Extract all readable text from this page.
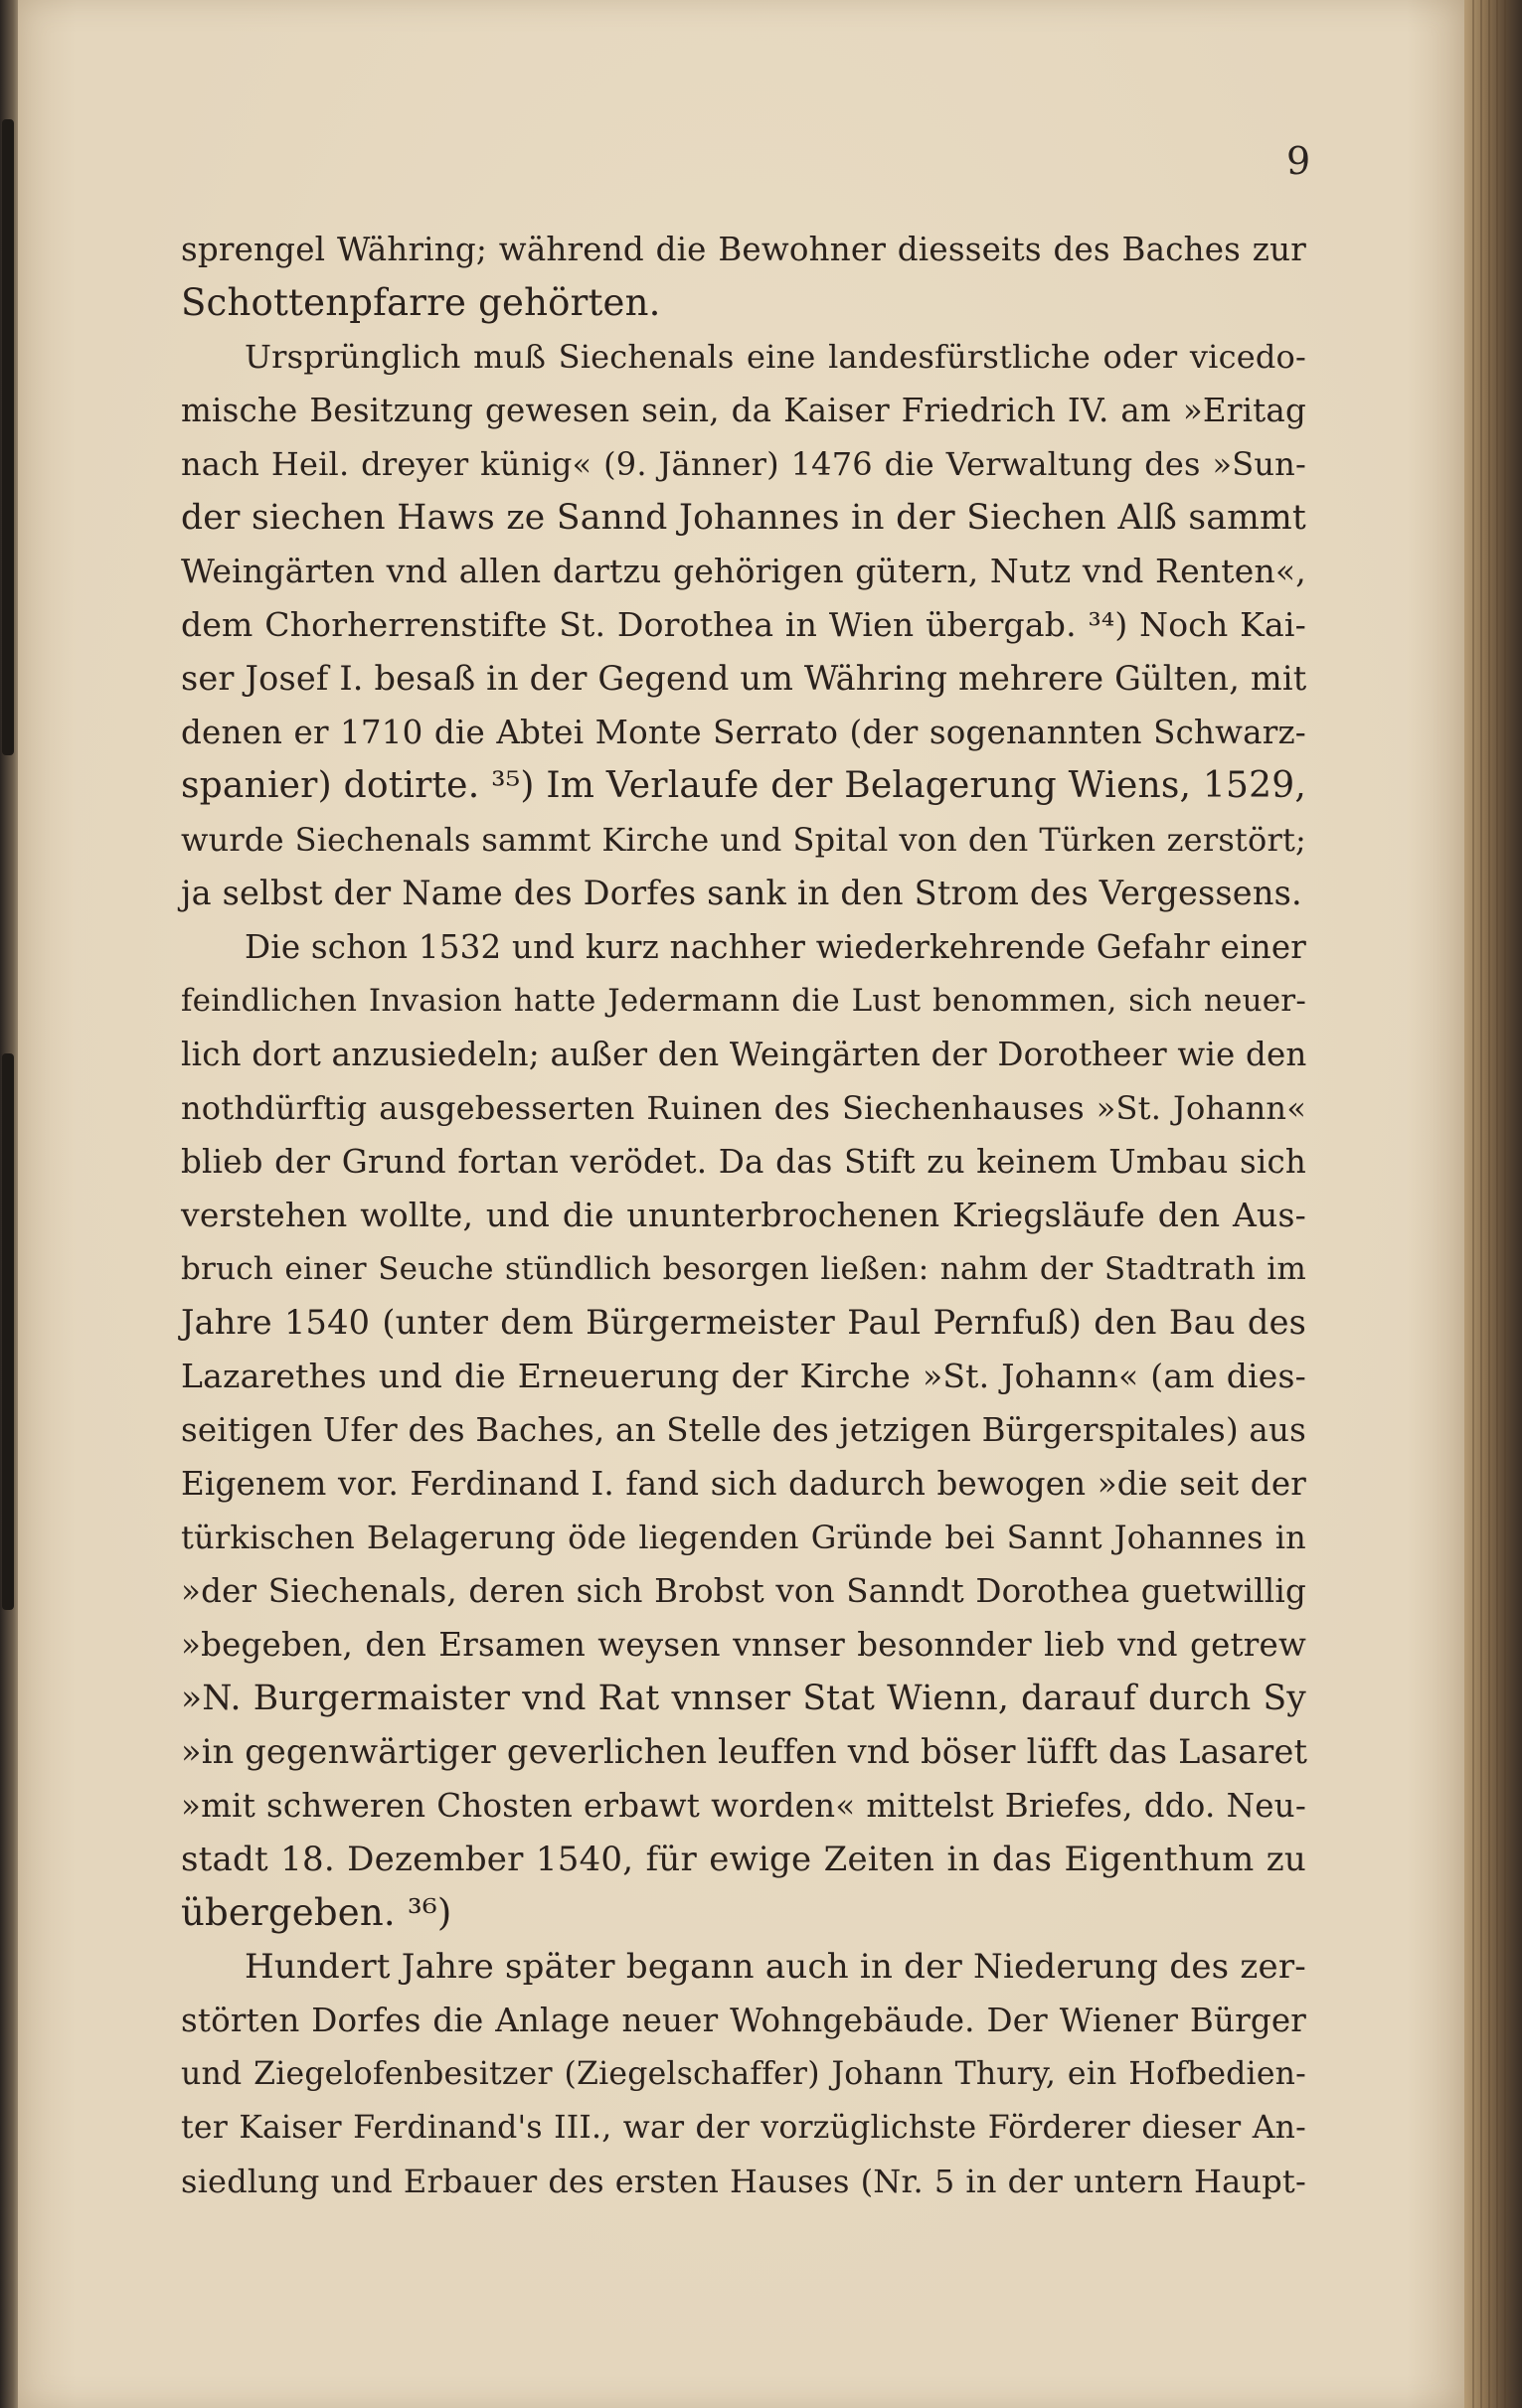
9
sprengel Währing; während die Bewohner diesseits des Baches zur
Schottenpfarre gehörten.
Ursprünglich muß Siechenals eine landesfürstliche oder vicedo-
mische Besitzung gewesen sein, da Kaiser Friedrich IV. am »Eritag
nach Heil. dreyer künig« (9. Jänner) 1476 die Verwaltung des »Sun-
der siechen Haws ze Sannd Johannes in der Siechen Alß sammt
Weingärten vnd allen dartzu gehörigen gütern, Nutz vnd Renten«,
dem Chorherrenstifte St. Dorothea in Wien übergab. ³⁴) Noch Kai-
ser Josef I. besaß in der Gegend um Währing mehrere Gülten, mit
denen er 1710 die Abtei Monte Serrato (der sogenannten Schwarz-
spanier) dotirte. ³⁵) Im Verlaufe der Belagerung Wiens, 1529,
wurde Siechenals sammt Kirche und Spital von den Türken zerstört;
ja selbst der Name des Dorfes sank in den Strom des Vergessens.
Die schon 1532 und kurz nachher wiederkehrende Gefahr einer
feindlichen Invasion hatte Jedermann die Lust benommen, sich neuer-
lich dort anzusiedeln; außer den Weingärten der Dorotheer wie den
nothdürftig ausgebesserten Ruinen des Siechenhauses »St. Johann«
blieb der Grund fortan verödet. Da das Stift zu keinem Umbau sich
verstehen wollte, und die ununterbrochenen Kriegsläufe den Aus-
bruch einer Seuche stündlich besorgen ließen: nahm der Stadtrath im
Jahre 1540 (unter dem Bürgermeister Paul Pernfuß) den Bau des
Lazarethes und die Erneuerung der Kirche »St. Johann« (am dies-
seitigen Ufer des Baches, an Stelle des jetzigen Bürgerspitales) aus
Eigenem vor. Ferdinand I. fand sich dadurch bewogen »die seit der
türkischen Belagerung öde liegenden Gründe bei Sannt Johannes in
»der Siechenals, deren sich Brobst von Sanndt Dorothea guetwillig
»begeben, den Ersamen weysen vnnser besonnder lieb vnd getrew
»N. Burgermaister vnd Rat vnnser Stat Wienn, darauf durch Sy
»in gegenwärtiger geverlichen leuffen vnd böser lüfft das Lasaret
»mit schweren Chosten erbawt worden« mittelst Briefes, ddo. Neu-
stadt 18. Dezember 1540, für ewige Zeiten in das Eigenthum zu
übergeben. ³⁶)
Hundert Jahre später begann auch in der Niederung des zer-
störten Dorfes die Anlage neuer Wohngebäude. Der Wiener Bürger
und Ziegelofenbesitzer (Ziegelschaffer) Johann Thury, ein Hofbedien-
ter Kaiser Ferdinand's III., war der vorzüglichste Förderer dieser An-
siedlung und Erbauer des ersten Hauses (Nr. 5 in der untern Haupt-
